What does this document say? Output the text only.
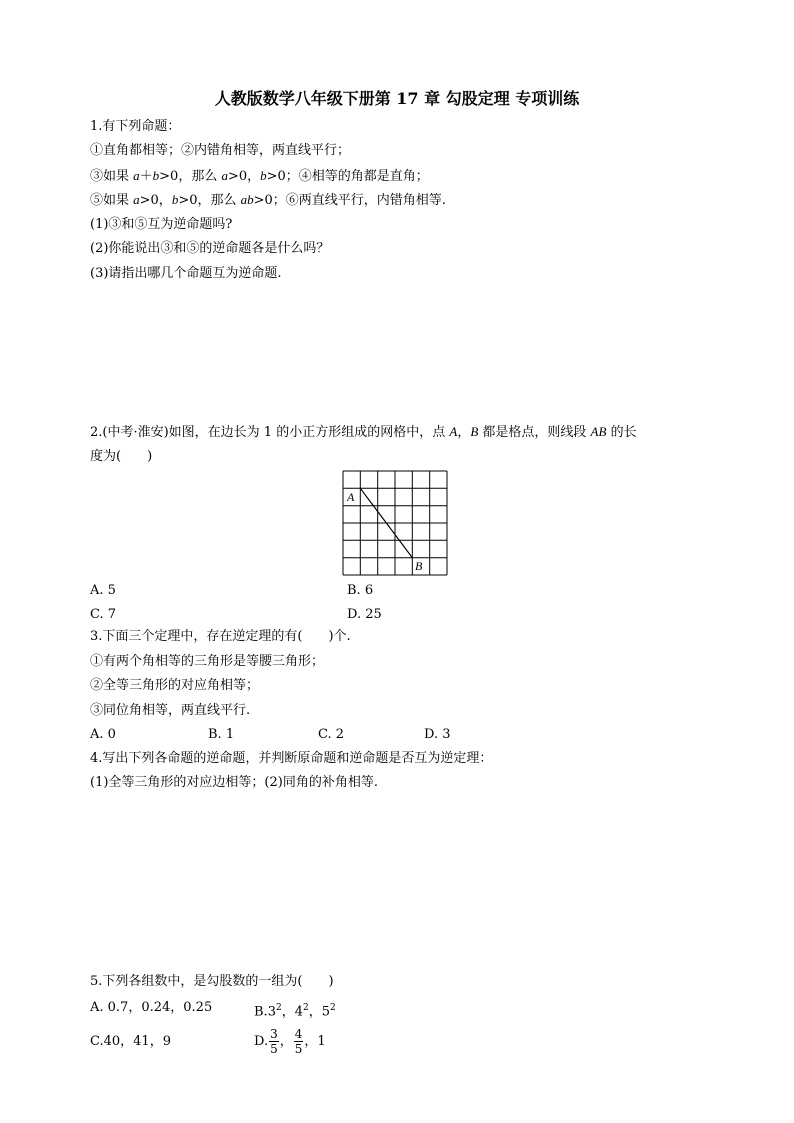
人教版数学八年级下册第 17 章 勾股定理 专项训练
1.有下列命题：
①直角都相等；②内错角相等，两直线平行；
③如果 a＋b>0，那么 a>0，b>0；④相等的角都是直角；
⑤如果 a>0，b>0，那么 ab>0；⑥两直线平行，内错角相等.
(1)③和⑤互为逆命题吗?
(2)你能说出③和⑤的逆命题各是什么吗？
(3)请指出哪几个命题互为逆命题.
2.(中考·淮安)如图，在边长为 1 的小正方形组成的网格中，点 A，B 都是格点，则线段 AB 的长
度为(　　)
A
B
A. 5	B. 6
C. 7	D. 25
3.下面三个定理中，存在逆定理的有(　　)个.
①有两个角相等的三角形是等腰三角形；
②全等三角形的对应角相等；
③同位角相等，两直线平行.
A. 0	B. 1	C. 2	D. 3
4.写出下列各命题的逆命题，并判断原命题和逆命题是否互为逆定理：
(1)全等三角形的对应边相等；(2)同角的补角相等.
5.下列各组数中，是勾股数的一组为(　　)
A. 0.7，0.24，0.25	$B.3^2$，$4^2$，$5^2$
C.40，41，9	D. $\frac{3}{5}$ ， $\frac{4}{5}$ ，1
